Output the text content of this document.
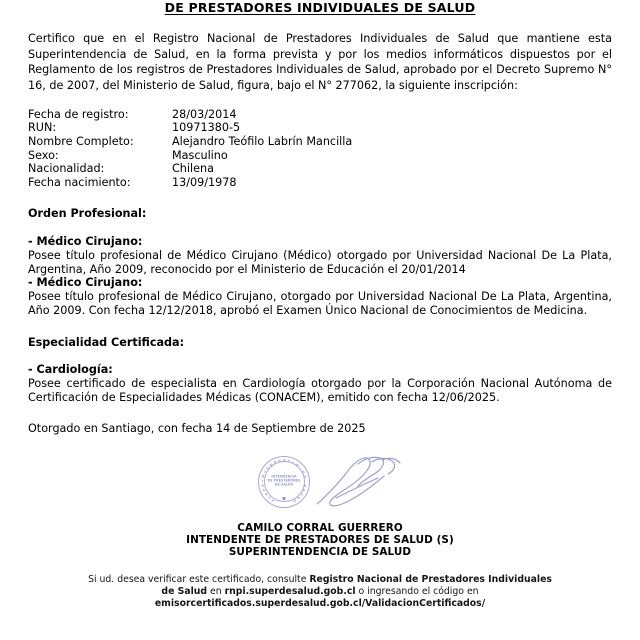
DE PRESTADORES INDIVIDUALES DE SALUD

Certifico que en el Registro Nacional de Prestadores Individuales de Salud que mantiene esta Superintendencia de Salud, en la forma prevista y por los medios informáticos dispuestos por el Reglamento de los registros de Prestadores Individuales de Salud, aprobado por el Decreto Supremo N° 16, de 2007, del Ministerio de Salud, figura, bajo el N° 277062, la siguiente inscripción:

Fecha de registro:	28/03/2014
RUN:	10971380-5
Nombre Completo:	Alejandro Teófilo Labrín Mancilla
Sexo:	Masculino
Nacionalidad:	Chilena
Fecha nacimiento:	13/09/1978
Orden Profesional:
- Médico Cirujano:

Posee título profesional de Médico Cirujano (Médico) otorgado por Universidad Nacional De La Plata, Argentina, Año 2009, reconocido por el Ministerio de Educación el 20/01/2014

- Médico Cirujano:

Posee título profesional de Médico Cirujano, otorgado por Universidad Nacional De La Plata, Argentina, Año 2009. Con fecha 12/12/2018, aprobó el Examen Único Nacional de Conocimientos de Medicina.

Especialidad Certificada:
- Cardiología:

Posee certificado de especialista en Cardiología otorgado por la Corporación Nacional Autónoma de Certificación de Especialidades Médicas (CONACEM), emitido con fecha 12/06/2025.

Otorgado en Santiago, con fecha 14 de Septiembre de 2025

S
U
P
E
R
I
N
T
E
N
D E N C I
A

D
E

S
A
L
U
D
INTENDENCIA
DE PRESTADORES
DE SALUD
CAMILO CORRAL GUERRERO
INTENDENTE DE PRESTADORES DE SALUD (S)
SUPERINTENDENCIA DE SALUD

Si ud. desea verificar este certificado, consulte Registro Nacional de Prestadores Individuales de Salud en rnpi.superdesalud.gob.cl o ingresando el código en emisorcertificados.superdesalud.gob.cl/ValidacionCertificados/
